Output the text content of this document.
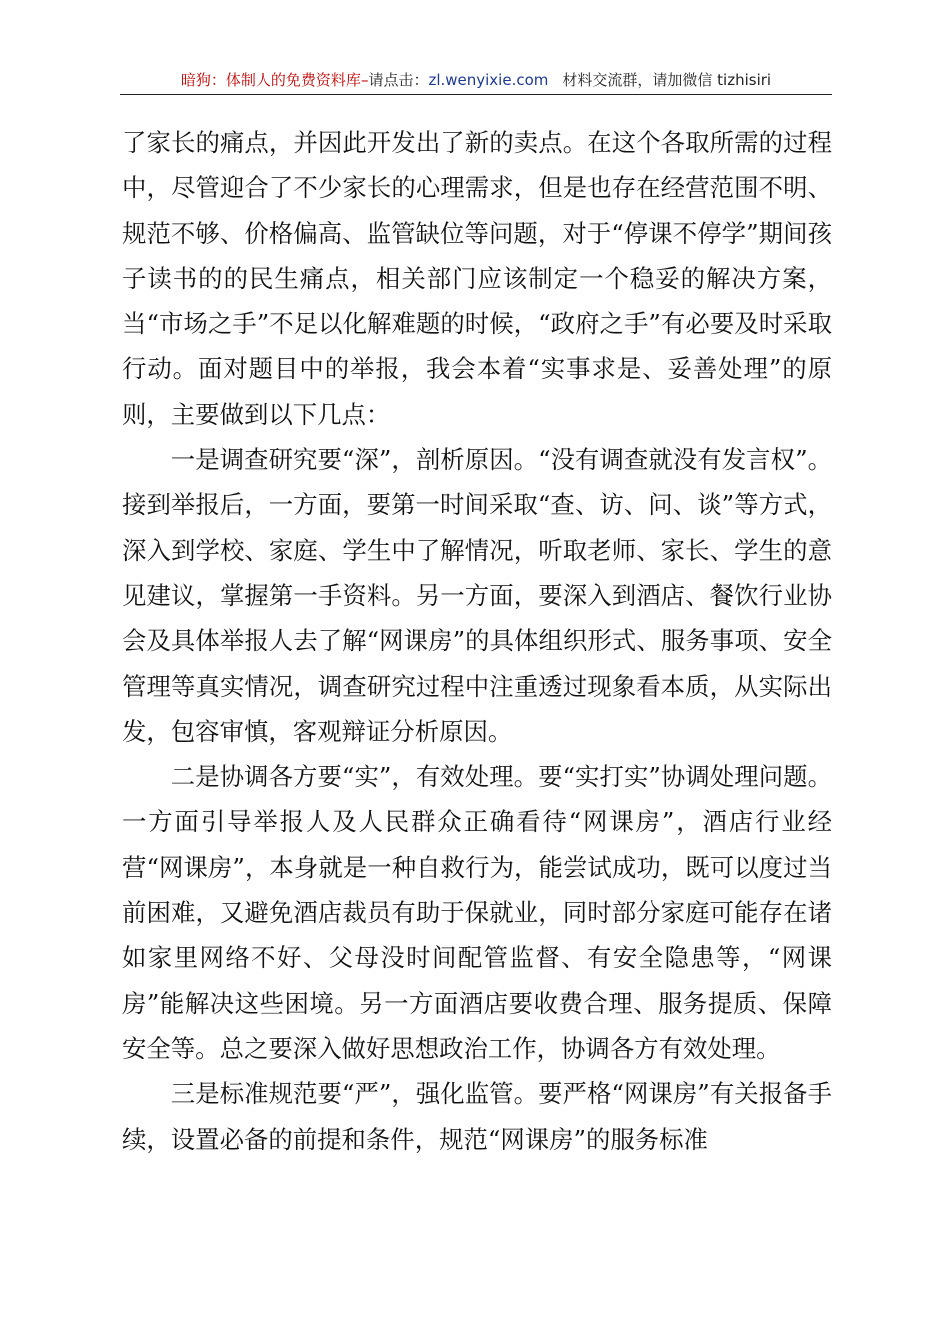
暗狗：体制人的免费资料库–请点击：zl.wenyixie.com 材料交流群，请加微信 tizhisiri

了家长的痛点，并因此开发出了新的卖点。在这个各取所需的过程中，尽管迎合了不少家长的心理需求，但是也存在经营范围不明、规范不够、价格偏高、监管缺位等问题，对于“停课不停学”期间孩子读书的的民生痛点，相关部门应该制定一个稳妥的解决方案，当“市场之手”不足以化解难题的时候，“政府之手”有必要及时采取行动。面对题目中的举报，我会本着“实事求是、妥善处理”的原则，主要做到以下几点：

一是调查研究要“深”，剖析原因。“没有调查就没有发言权”。接到举报后，一方面，要第一时间采取“查、访、问、谈”等方式，深入到学校、家庭、学生中了解情况，听取老师、家长、学生的意见建议，掌握第一手资料。另一方面，要深入到酒店、餐饮行业协会及具体举报人去了解“网课房”的具体组织形式、服务事项、安全管理等真实情况，调查研究过程中注重透过现象看本质，从实际出发，包容审慎，客观辩证分析原因。

二是协调各方要“实”，有效处理。要“实打实”协调处理问题。一方面引导举报人及人民群众正确看待“网课房”，酒店行业经营“网课房”，本身就是一种自救行为，能尝试成功，既可以度过当前困难，又避免酒店裁员有助于保就业，同时部分家庭可能存在诸如家里网络不好、父母没时间配管监督、有安全隐患等，“网课房”能解决这些困境。另一方面酒店要收费合理、服务提质、保障安全等。总之要深入做好思想政治工作，协调各方有效处理。

三是标准规范要“严”，强化监管。要严格“网课房”有关报备手续，设置必备的前提和条件，规范“网课房”的服务标准
